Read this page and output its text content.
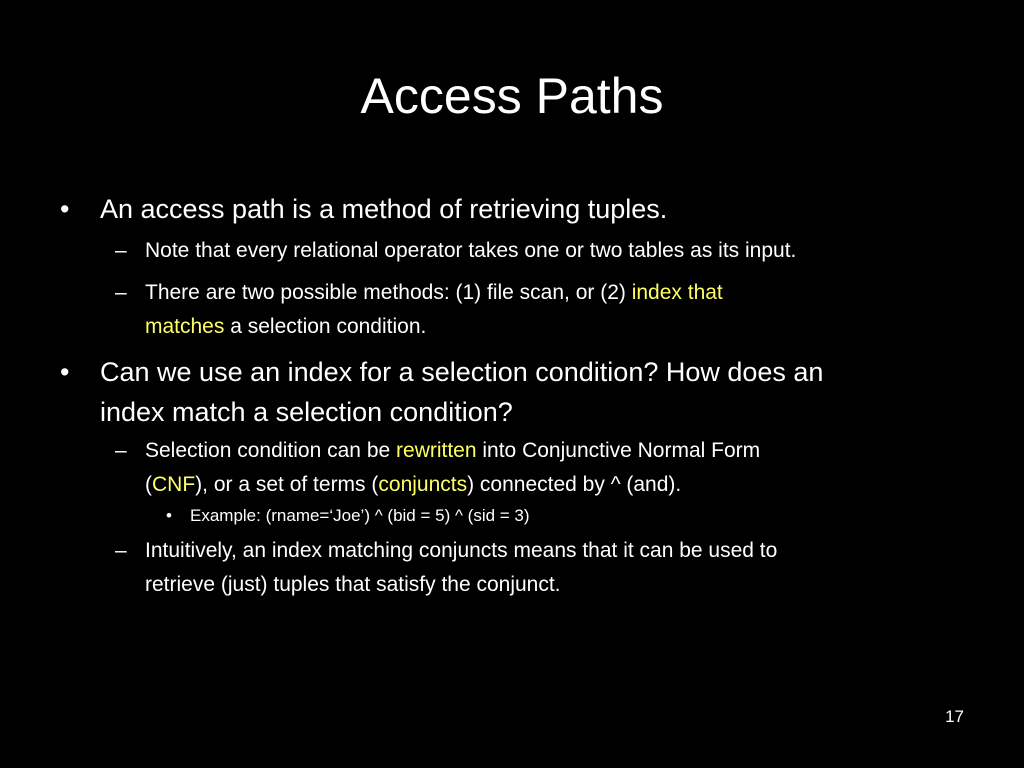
Access Paths
• An access path is a method of retrieving tuples.
– Note that every relational operator takes one or two tables as its input.
– There are two possible methods: (1) file scan, or (2) index that
matches a selection condition.
• Can we use an index for a selection condition? How does an
index match a selection condition?
– Selection condition can be rewritten into Conjunctive Normal Form
(CNF), or a set of terms (conjuncts) connected by ^ (and).
• Example: (rname=‘Joe’) ^ (bid = 5) ^ (sid = 3)
– Intuitively, an index matching conjuncts means that it can be used to
retrieve (just) tuples that satisfy the conjunct.
17
